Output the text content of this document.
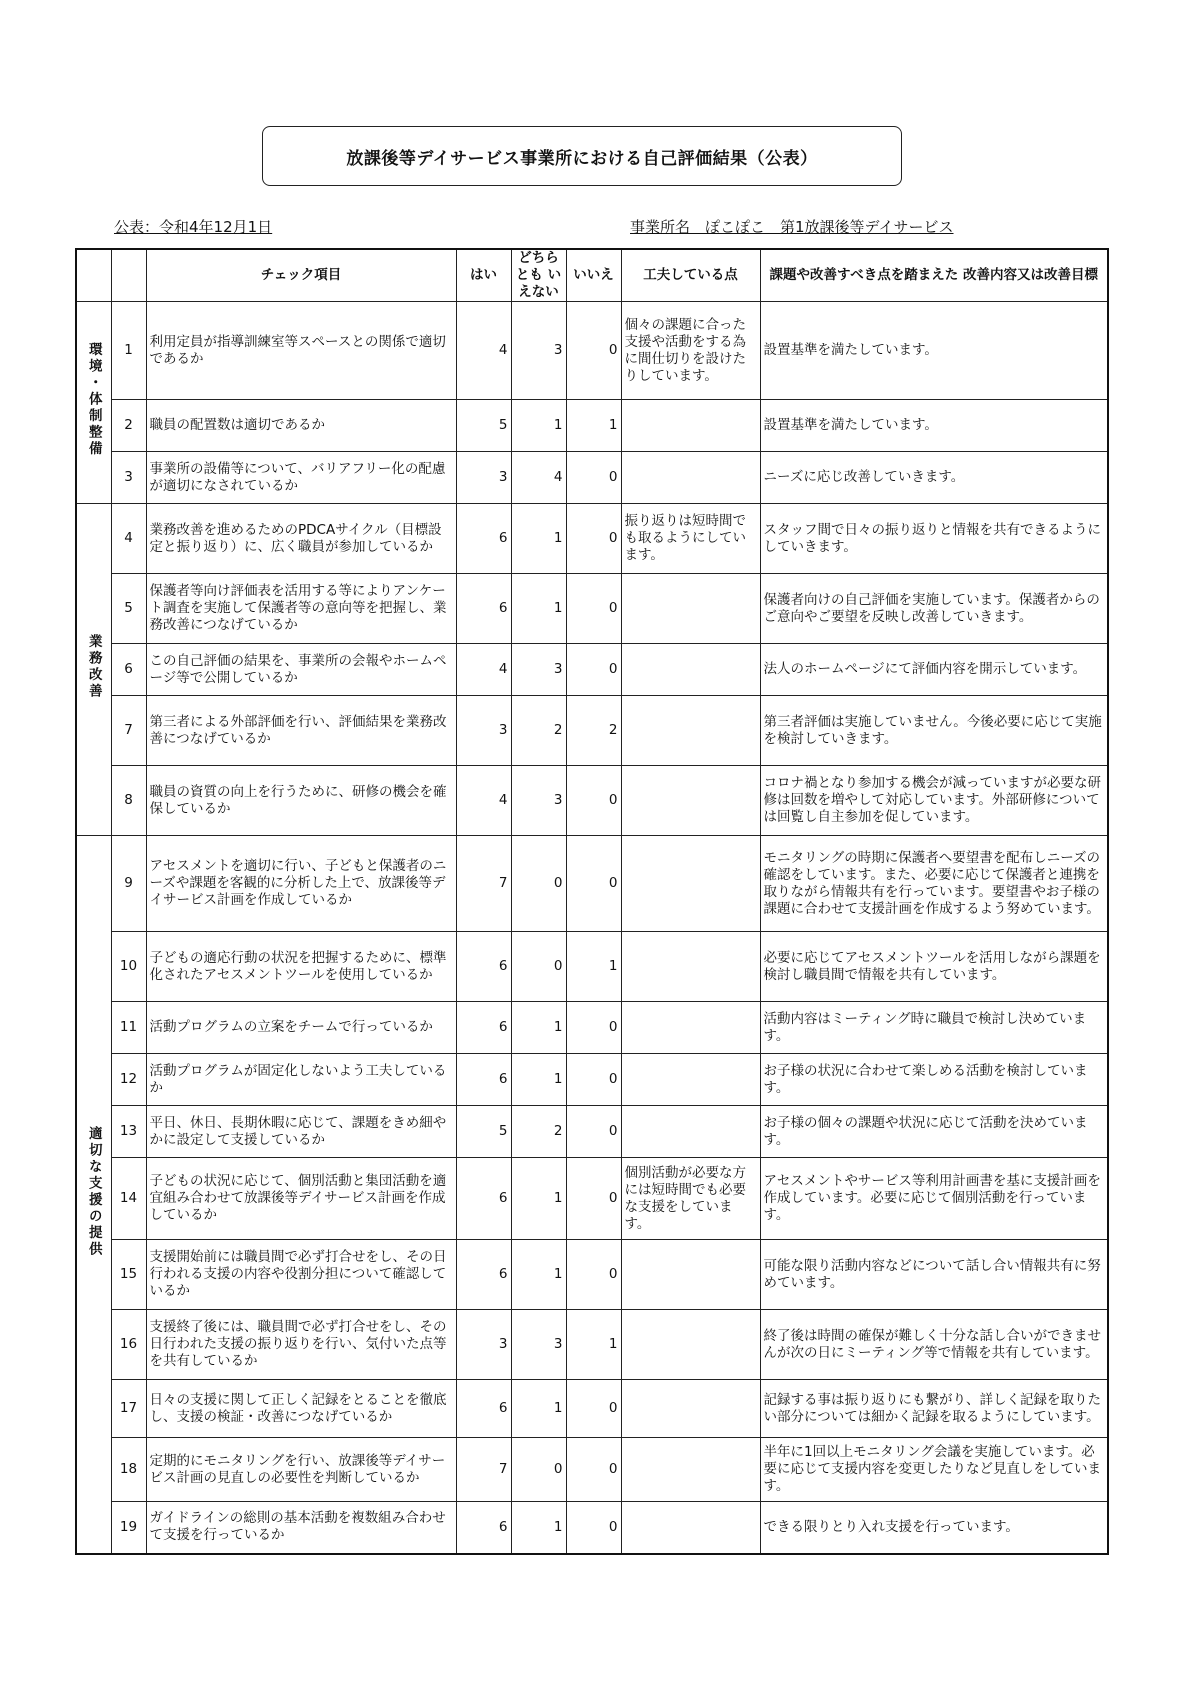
放課後等デイサービス事業所における自己評価結果（公表）
公表：令和4年12月1日	事業所名　ぽこぽこ　第1放課後等デイサービス
		チェック項目	はい	どちらとも いえない	いいえ	工夫している点	課題や改善すべき点を踏まえた 改善内容又は改善目標
環境・体制整備	1	利用定員が指導訓練室等スペースとの関係で適切であるか	4	3	0	個々の課題に合った支援や活動をする為に間仕切りを設けたりしています。	設置基準を満たしています。
	2	職員の配置数は適切であるか	5	1	1		設置基準を満たしています。
	3	事業所の設備等について、バリアフリー化の配慮が適切になされているか	3	4	0		ニーズに応じ改善していきます。
業務改善	4	業務改善を進めるためのPDCAサイクル（目標設定と振り返り）に、広く職員が参加しているか	6	1	0	振り返りは短時間でも取るようにしています。	スタッフ間で日々の振り返りと情報を共有できるようにしていきます。
	5	保護者等向け評価表を活用する等によりアンケート調査を実施して保護者等の意向等を把握し、業務改善につなげているか	6	1	0		保護者向けの自己評価を実施しています。保護者からのご意向やご要望を反映し改善していきます。
	6	この自己評価の結果を、事業所の会報やホームページ等で公開しているか	4	3	0		法人のホームページにて評価内容を開示しています。
	7	第三者による外部評価を行い、評価結果を業務改善につなげているか	3	2	2		第三者評価は実施していません。今後必要に応じて実施を検討していきます。
	8	職員の資質の向上を行うために、研修の機会を確保しているか	4	3	0		コロナ禍となり参加する機会が減っていますが必要な研修は回数を増やして対応しています。外部研修については回覧し自主参加を促しています。
適切な支援の提供	9	アセスメントを適切に行い、子どもと保護者のニーズや課題を客観的に分析した上で、放課後等デイサービス計画を作成しているか	7	0	0		モニタリングの時期に保護者へ要望書を配布しニーズの確認をしています。また、必要に応じて保護者と連携を取りながら情報共有を行っています。要望書やお子様の課題に合わせて支援計画を作成するよう努めています。
	10	子どもの適応行動の状況を把握するために、標準化されたアセスメントツールを使用しているか	6	0	1		必要に応じてアセスメントツールを活用しながら課題を検討し職員間で情報を共有しています。
	11	活動プログラムの立案をチームで行っているか	6	1	0		活動内容はミーティング時に職員で検討し決めています。
	12	活動プログラムが固定化しないよう工夫しているか	6	1	0		お子様の状況に合わせて楽しめる活動を検討しています。
	13	平日、休日、長期休暇に応じて、課題をきめ細やかに設定して支援しているか	5	2	0		お子様の個々の課題や状況に応じて活動を決めています。
	14	子どもの状況に応じて、個別活動と集団活動を適宜組み合わせて放課後等デイサービス計画を作成しているか	6	1	0	個別活動が必要な方には短時間でも必要な支援をしています。	アセスメントやサービス等利用計画書を基に支援計画を作成しています。必要に応じて個別活動を行っています。
	15	支援開始前には職員間で必ず打合せをし、その日行われる支援の内容や役割分担について確認しているか	6	1	0		可能な限り活動内容などについて話し合い情報共有に努めています。
	16	支援終了後には、職員間で必ず打合せをし、その日行われた支援の振り返りを行い、気付いた点等を共有しているか	3	3	1		終了後は時間の確保が難しく十分な話し合いができませんが次の日にミーティング等で情報を共有しています。
	17	日々の支援に関して正しく記録をとることを徹底し、支援の検証・改善につなげているか	6	1	0		記録する事は振り返りにも繋がり、詳しく記録を取りたい部分については細かく記録を取るようにしています。
	18	定期的にモニタリングを行い、放課後等デイサービス計画の見直しの必要性を判断しているか	7	0	0		半年に1回以上モニタリング会議を実施しています。必要に応じて支援内容を変更したりなど見直しをしています。
	19	ガイドラインの総則の基本活動を複数組み合わせて支援を行っているか	6	1	0		できる限りとり入れ支援を行っています。
